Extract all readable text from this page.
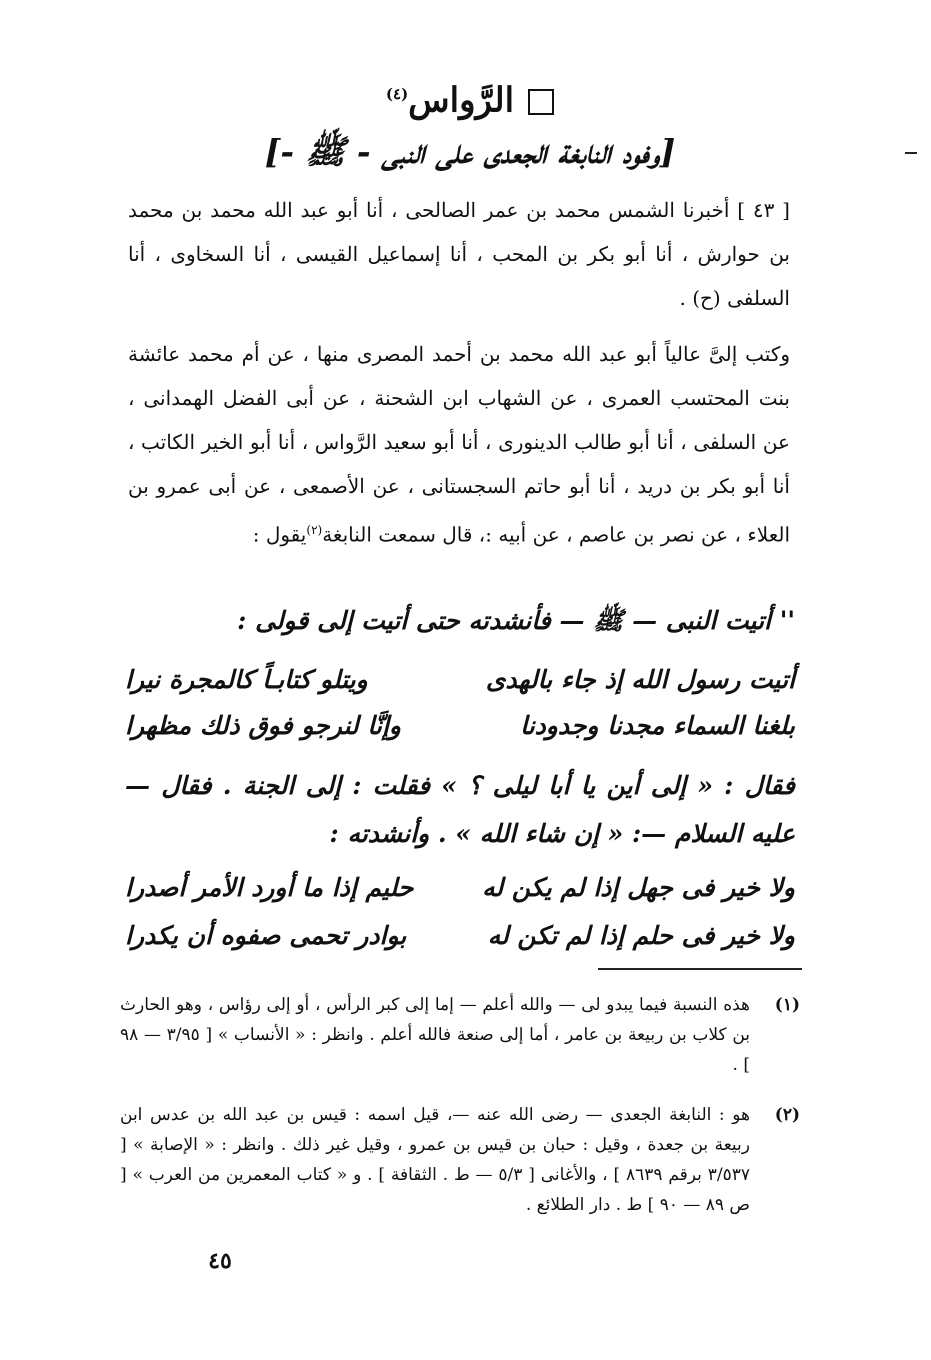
الرَّواس$^{(٤)}$
[وفود النابغة الجعدى على النبى - ﷺ -]
[ ٤٣ ] أخبرنا الشمس محمد بن عمر الصالحى ، أنا أبو عبد الله محمد بن محمد بن حوارش ، أنا أبو بكر بن المحب ، أنا إسماعيل القيسى ، أنا السخاوى ، أنا السلفى (ح) .
وكتب إلىَّ عالياً أبو عبد الله محمد بن أحمد المصرى منها ، عن أم محمد عائشة بنت المحتسب العمرى ، عن الشهاب ابن الشحنة ، عن أبى الفضل الهمدانى ، عن السلفى ، أنا أبو طالب الدينورى ، أنا أبو سعيد الرَّواس ، أنا أبو الخير الكاتب ، أنا أبو بكر بن دريد ، أنا أبو حاتم السجستانى ، عن الأصمعى ، عن أبى عمرو بن العلاء ، عن نصر بن عاصم ، عن أبيه :، قال سمعت النابغة$^{(٢)}$يقول :
'' أتيت النبى — ﷺ — فأنشدته حتى أتيت إلى قولى :
أتيت رسول الله إذ جاء بالهدى
ويتلو كتابـاً كالمجرة نيرا
بلغنا السماء مجدنا وجدودنا
وإنَّا لنرجو فوق ذلك مظهرا
فقال : « إلى أين يا أبا ليلى ؟ » فقلت : إلى الجنة . فقال — عليه السلام —: « إن شاء الله » . وأنشدته :
ولا خير فى جهل إذا لم يكن له
حليم إذا ما أورد الأمر أصدرا
ولا خير فى حلم إذا لم تكن له
بوادر تحمى صفوه أن يكدرا
(١)
هذه النسبة فيما يبدو لى — والله أعلم — إما إلى كبر الرأس ، أو إلى رؤاس ، وهو الحارث بن كلاب بن ربيعة بن عامر ، أما إلى صنعة فالله أعلم . وانظر : « الأنساب » [ ٣/٩٥ — ٩٨ ] .
(٢)
هو : النابغة الجعدى — رضى الله عنه —، قيل اسمه : قيس بن عبد الله بن عدس ابن ربيعة بن جعدة ، وقيل : حبان بن قيس بن عمرو ، وقيل غير ذلك . وانظر : « الإصابة » [ ٣/٥٣٧ برقم ٨٦٣٩ ] ، والأغانى [ ٥/٣ — ط . الثقافة ] . و « كتاب المعمرين من العرب » [ ص ٨٩ — ٩٠ ] ط . دار الطلائع .
٤٥
